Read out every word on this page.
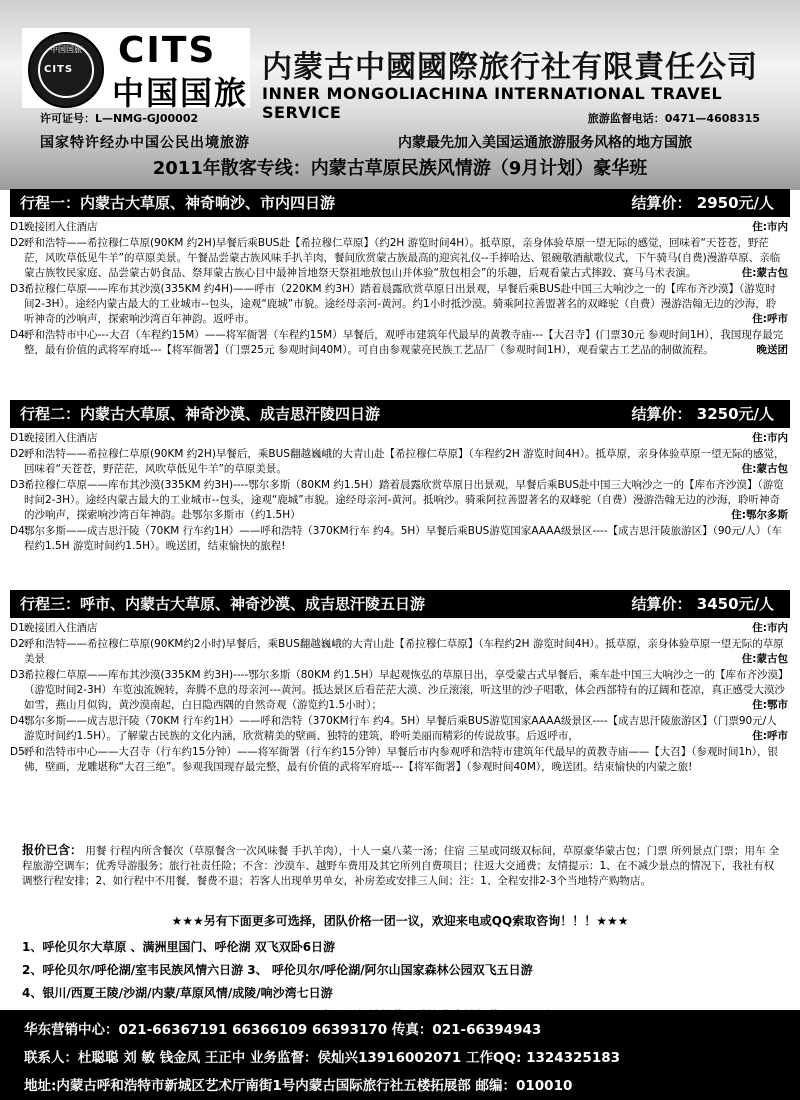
中国国旅
CITS CITS
中国国旅
内蒙古中國國際旅行社有限責任公司
INNER MONGOLIACHINA INTERNATIONAL TRAVEL SERVICE
许可证号：L—NMG-GJ00002	旅游监督电话：0471—4608315
国家特许经办中国公民出境旅游	内蒙最先加入美国运通旅游服务风格的地方国旅
2011年散客专线：内蒙古草原民族风情游（9月计划）豪华班
行程一：内蒙古大草原、神奇响沙、市内四日游	结算价： 2950元/人
D1:
晚接团入住酒店	住:市内
D2:
呼和浩特——希拉穆仁草原(90KM 约2H)早餐后乘BUS赴【希拉穆仁草原】（约2H 游览时间4H）。抵草原，亲身体验草原一望无际的感觉，回味着“天苍苍，野茫茫，风吹草低见牛羊”的草原美景。午餐品尝蒙古族风味手扒羊肉，餐间欣赏蒙古族最高的迎宾礼仪--手捧哈达、银碗敬酒献歌仪式，下午骑马(自费)漫游草原、亲临蒙古族牧民家庭、品尝蒙古奶食品、祭拜蒙古族心目中最神旨地祭天祭祖地敖包山并体验“敖包相会”的乐趣，后观看蒙古式摔跤、赛马马术表演。	住:蒙古包
D3:
希拉穆仁草原——库布其沙漠(335KM 约4H)——呼市（220KM 约3H）踏着晨露欣赏草原日出景观，早餐后乘BUS赴中国三大响沙之一的【库布齐沙漠】（游览时间2-3H）。途经内蒙古最大的工业城市--包头，途观“鹿城”市貌。途经母亲河-黄河。约1小时抵沙漠。骑乘阿拉善盟著名的双峰驼（自费）漫游浩翰无边的沙海，聆听神奇的沙响声，探索响沙湾百年神韵。返呼市。	住:呼市
D4:
呼和浩特市中心---大召（车程约15M）——将军衙署（车程约15M）早餐后，观呼市建筑年代最早的黄教寺庙---【大召寺】(门票30元 参观时间1H），我国现存最完整，最有价值的武将军府坻---【将军衙署】（门票25元 参观时间40M）。可自由参观蒙亮民族工艺品厂（参观时间1H），观看蒙古工艺品的制做流程。	晚送团
行程二：内蒙古大草原、神奇沙漠、成吉思汗陵四日游	结算价： 3250元/人
D1:
晚接团入住酒店	住:市内
D2:
呼和浩特——希拉穆仁草原(90KM 约2H)早餐后，乘BUS翻越巍峨的大青山赴【希拉穆仁草原】（车程约2H 游览时间4H）。抵草原，亲身体验草原一望无际的感觉，回味着“天苍苍，野茫茫，风吹草低见牛羊”的草原美景。	住:蒙古包
D3:
希拉穆仁草原——库布其沙漠(335KM 约3H)----鄂尔多斯（80KM 约1.5H）踏着晨露欣赏草原日出景观，早餐后乘BUS赴中国三大响沙之一的【库布齐沙漠】（游览时间2-3H）。途经内蒙古最大的工业城市--包头，途观“鹿城”市貌。途经母亲河-黄河。抵响沙。骑乘阿拉善盟著名的双峰驼（自费）漫游浩翰无边的沙海，聆听神奇的沙响声，探索响沙湾百年神韵。赴鄂尔多斯市（约1.5H）	住:鄂尔多斯
D4:
鄂尔多斯——成吉思汗陵（70KM 行车约1H）——呼和浩特（370KM行车 约4。5H）早餐后乘BUS游览国家AAAA级景区----【成吉思汗陵旅游区】（90元/人）（车程约1.5H 游览时间约1.5H）。晚送团，结束愉快的旅程!
行程三：呼市、内蒙古大草原、神奇沙漠、成吉思汗陵五日游	结算价： 3450元/人
D1:
晚接团入住酒店	住:市内
D2:
呼和浩特——希拉穆仁草原(90KM约2小时)早餐后，乘BUS翻越巍峨的大青山赴【希拉穆仁草原】（车程约2H 游览时间4H）。抵草原，亲身体验草原一望无际的草原美景	住:蒙古包
D3:
希拉穆仁草原——库布其沙漠(335KM 约3H)----鄂尔多斯（80KM 约1.5H）早起观恢弘的草原日出，享受蒙古式早餐后，乘车赴中国三大响沙之一的【库布齐沙漠】（游览时间2-3H）车览浊流婉转，奔腾不息的母亲河---黄河。抵达景区后看茫茫大漠、沙丘滚滚，听这里的沙子唱歌，体会西部特有的辽阔和苍凉，真正感受大漠沙如雪，燕山月似钩，黄沙漠南起，白日隐西隅的自然奇观（游览约1.5小时）；	住:鄂市
D4:
鄂尔多斯——成吉思汗陵（70KM 行车约1H）——呼和浩特（370KM行车 约4。5H）早餐后乘BUS游览国家AAAA级景区----【成吉思汗陵旅游区】（门票90元/人 游览时间约1.5H）。了解蒙古民族的文化内涵，欣赏精美的壁画、独特的建筑，聆听美丽而精彩的传说故事。后返呼市，	住:呼市
D5:
呼和浩特市中心——大召寺（行车约15分钟）——将军衙署（行车约15分钟）早餐后市内参观呼和浩特市建筑年代最早的黄教寺庙——【大召】（参观时间1h），银佛，壁画，龙雕堪称“大召三绝”。参观我国现存最完整，最有价值的武将军府坻---【将军衙署】（参观时间40M），晚送团。结束愉快的内蒙之旅!
报价已含： 用餐 行程内所含餐次（草原餐含一次风味餐 手扒羊肉），十人一桌八菜一汤；住宿 三星或同级双标间，草原豪华蒙古包；门票 所列景点门票；用车 全程旅游空调车；优秀导游服务；旅行社责任险；不含：沙漠车、越野车费用及其它所列自费项目；往返大交通费；友情提示：1、在不减少景点的情况下，我社有权调整行程安排；2、如行程中不用餐，餐费不退；若客人出现单男单女，补房差或安排三人间；注：1、全程安排2-3个当地特产购物店。
★★★另有下面更多可选择，团队价格一团一议，欢迎来电或QQ索取咨询！！！★★★
1、呼伦贝尔大草原 、满洲里国门、呼伦湖 双飞双卧6日游
2、呼伦贝尔/呼伦湖/室韦民族风情六日游 3、 呼伦贝尔/呼伦湖/阿尔山国家森林公园双飞五日游
4、银川/西夏王陵/沙湖/内蒙/草原风情/成陵/响沙湾七日游
华东营销中心：021-66367191 66366109 66393170 传真：021-66394943
联系人：杜聪聪 刘 敏 钱金凤 王正中 业务监督：侯灿兴13916002071 工作QQ: 1324325183
地址:内蒙古呼和浩特市新城区艺术厅南街1号内蒙古国际旅行社五楼拓展部 邮编：010010
